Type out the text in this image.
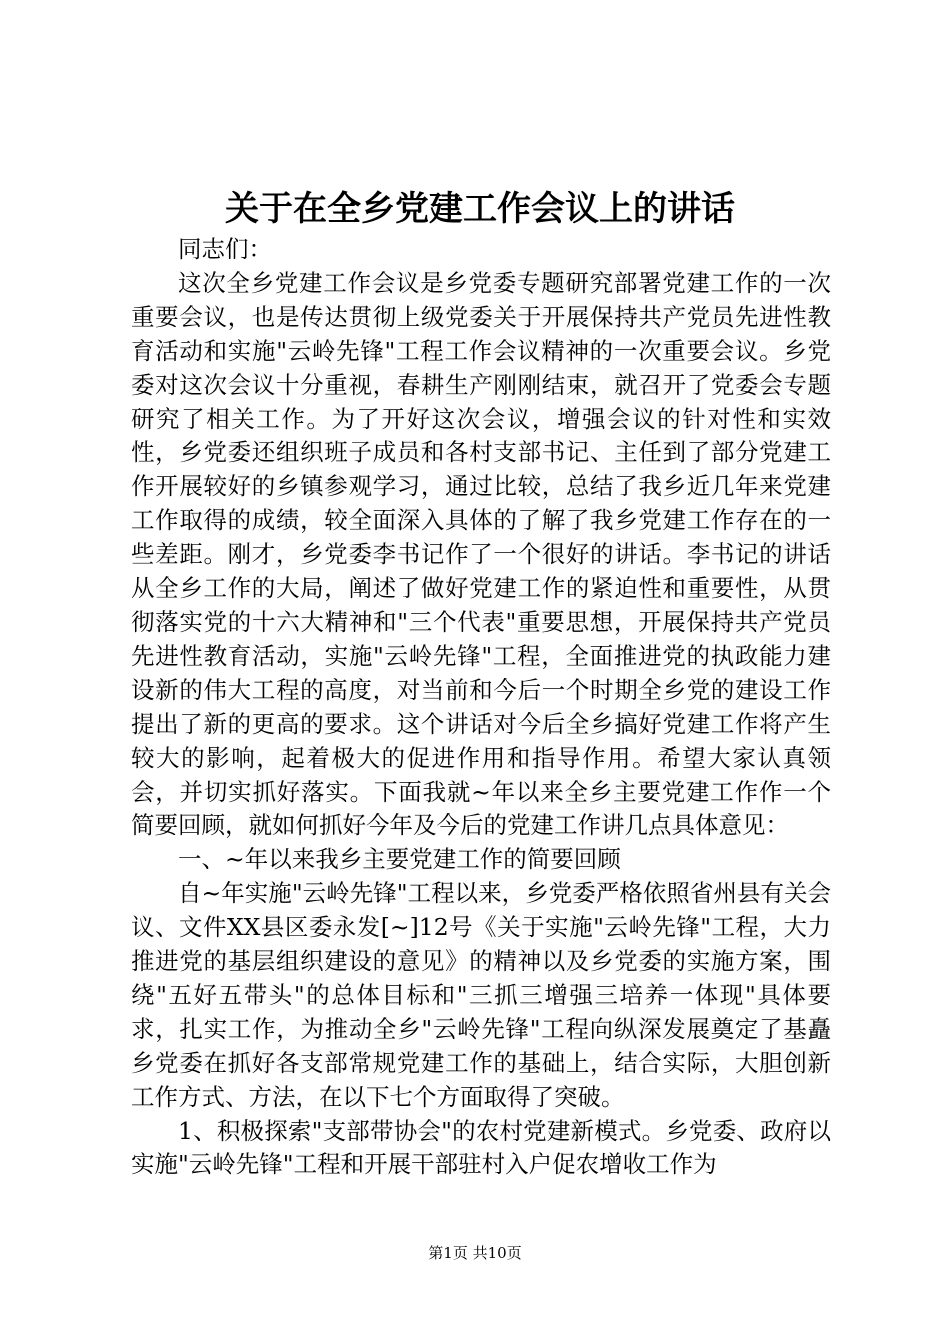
关于在全乡党建工作会议上的讲话

同志们：

这次全乡党建工作会议是乡党委专题研究部署党建工作的一次重要会议，也是传达贯彻上级党委关于开展保持共产党员先进性教育活动和实施"云岭先锋"工程工作会议精神的一次重要会议。乡党委对这次会议十分重视，春耕生产刚刚结束，就召开了党委会专题研究了相关工作。为了开好这次会议，增强会议的针对性和实效性，乡党委还组织班子成员和各村支部书记、主任到了部分党建工作开展较好的乡镇参观学习，通过比较，总结了我乡近几年来党建工作取得的成绩，较全面深入具体的了解了我乡党建工作存在的一些差距。刚才，乡党委李书记作了一个很好的讲话。李书记的讲话从全乡工作的大局，阐述了做好党建工作的紧迫性和重要性，从贯彻落实党的十六大精神和"三个代表"重要思想，开展保持共产党员先进性教育活动，实施"云岭先锋"工程，全面推进党的执政能力建设新的伟大工程的高度，对当前和今后一个时期全乡党的建设工作提出了新的更高的要求。这个讲话对今后全乡搞好党建工作将产生较大的影响，起着极大的促进作用和指导作用。希望大家认真领会，并切实抓好落实。下面我就~年以来全乡主要党建工作作一个简要回顾，就如何抓好今年及今后的党建工作讲几点具体意见：

一、~年以来我乡主要党建工作的简要回顾

自~年实施"云岭先锋"工程以来，乡党委严格依照省州县有关会议、文件XX县区委永发[~]12号《关于实施"云岭先锋"工程，大力推进党的基层组织建设的意见》的精神以及乡党委的实施方案，围绕"五好五带头"的总体目标和"三抓三增强三培养一体现"具体要求，扎实工作，为推动全乡"云岭先锋"工程向纵深发展奠定了基矗乡党委在抓好各支部常规党建工作的基础上，结合实际，大胆创新工作方式、方法，在以下七个方面取得了突破。

1、积极探索"支部带协会"的农村党建新模式。乡党委、政府以实施"云岭先锋"工程和开展干部驻村入户促农增收工作为

第1页 共10页
